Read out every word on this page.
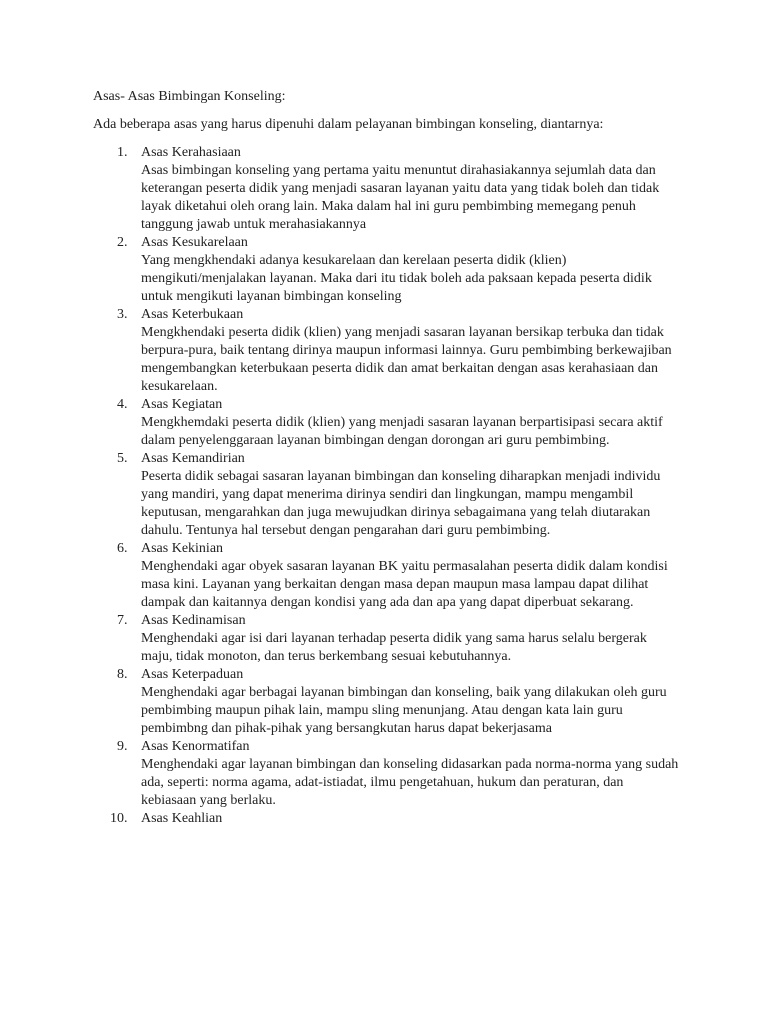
Asas- Asas Bimbingan Konseling:
Ada beberapa asas yang harus dipenuhi dalam pelayanan bimbingan konseling, diantarnya:
1. Asas Kerahasiaan
Asas bimbingan konseling yang pertama yaitu menuntut dirahasiakannya sejumlah data dan keterangan peserta didik yang menjadi sasaran layanan yaitu data yang tidak boleh dan tidak layak diketahui oleh orang lain. Maka dalam hal ini guru pembimbing memegang penuh tanggung jawab untuk merahasiakannya
2. Asas Kesukarelaan
Yang mengkhendaki adanya kesukarelaan dan kerelaan peserta didik (klien) mengikuti/menjalakan layanan. Maka dari itu tidak boleh ada paksaan kepada peserta didik untuk mengikuti layanan bimbingan konseling
3. Asas Keterbukaan
Mengkhendaki peserta didik (klien) yang menjadi sasaran layanan bersikap terbuka dan tidak berpura-pura, baik tentang dirinya maupun informasi lainnya. Guru pembimbing berkewajiban mengembangkan keterbukaan peserta didik dan amat berkaitan dengan asas kerahasiaan dan kesukarelaan.
4. Asas Kegiatan
Mengkhemdaki peserta didik (klien) yang menjadi sasaran layanan berpartisipasi secara aktif dalam penyelenggaraan layanan bimbingan dengan dorongan ari guru pembimbing.
5. Asas Kemandirian
Peserta didik sebagai sasaran layanan bimbingan dan konseling diharapkan menjadi individu yang mandiri, yang dapat menerima dirinya sendiri dan lingkungan, mampu mengambil keputusan, mengarahkan dan juga mewujudkan dirinya sebagaimana yang telah diutarakan dahulu. Tentunya hal tersebut dengan pengarahan dari guru pembimbing.
6. Asas Kekinian
Menghendaki agar obyek sasaran layanan BK yaitu permasalahan peserta didik dalam kondisi masa kini. Layanan yang berkaitan dengan masa depan maupun masa lampau dapat dilihat dampak dan kaitannya dengan kondisi yang ada dan apa yang dapat diperbuat sekarang.
7. Asas Kedinamisan
Menghendaki agar isi dari layanan terhadap peserta didik yang sama harus selalu bergerak maju, tidak monoton, dan terus berkembang sesuai kebutuhannya.
8. Asas Keterpaduan
Menghendaki agar berbagai layanan bimbingan dan konseling, baik yang dilakukan oleh guru pembimbing maupun pihak lain, mampu sling menunjang. Atau dengan kata lain guru pembimbng dan pihak-pihak yang bersangkutan harus dapat bekerjasama
9. Asas Kenormatifan
Menghendaki agar layanan bimbingan dan konseling didasarkan pada norma-norma yang sudah ada, seperti: norma agama, adat-istiadat, ilmu pengetahuan, hukum dan peraturan, dan kebiasaan yang berlaku.
10. Asas Keahlian
